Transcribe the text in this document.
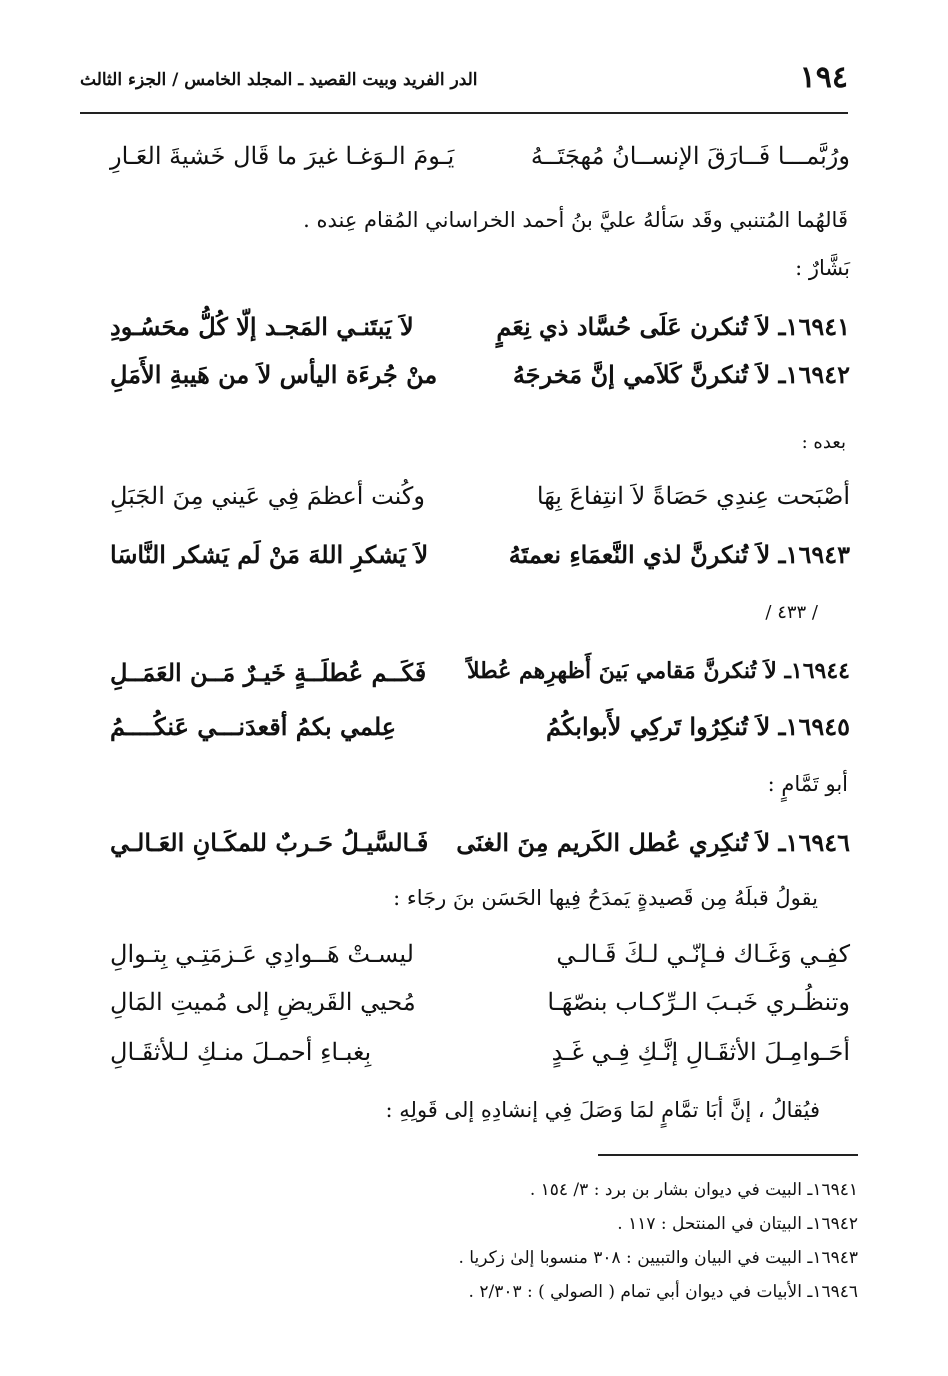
١٩٤
الدر الفريد وبيت القصيد ـ المجلد الخامس / الجزء الثالث
ورُبَّمـــا فَــارَقَ الإنســانُ مُهجَتَــهُ
يَـومَ الـوَغـا غيرَ ما قَال خَشيةَ العَـارِ
قَالهُما المُتنبي وقَد سَألهُ عليَّ بنُ أحمد الخراساني المُقام عِنده .
بَشَّارٌ :
١٦٩٤١ـ لاَ تُنكرن عَلَى حُسَّاد ذي نِعَمٍ
لاَ يَبتَنـي المَجـد إلّا كُلُّ محَسُـودِ
١٦٩٤٢ـ لاَ تُنكرنَّ كَلاَمي إنَّ مَخرجَهُ
منْ جُرءَة اليأس لاَ من هَيبةِ الأَمَلِ
بعده :
أصْبَحت عِندِي حَصَاةً لاَ انتِفاعَ بِهَا
وكُنت أعظمَ فِي عَيني مِنَ الجَبَلِ
١٦٩٤٣ـ لاَ تُنكرنَّ لذي النَّعمَاءِ نعمتَهُ
لاَ يَشكرِ اللهَ مَنْ لَم يَشكر النَّاسَا
/ ٤٣٣ /
١٦٩٤٤ـ لاَ تُنكرنَّ مَقامي بَينَ أَظهرِهم عُطلاً
فَكَــم عُطلَــةٍ خَيـرٌ مَــن العَمَــلِ
١٦٩٤٥ـ لاَ تُنكِرُوا تَركِي لأَبوابكُمُ
عِلمي بكمُ أقعدَنـــي عَنكُــــمُ
أبو تَمَّامٍ :
١٦٩٤٦ـ لاَ تُنكِري عُطل الكَريم مِنَ الغنَى
فَـالسَّيـلُ حَـربٌ للمكَـانِ العَـالـي
يقولُ قبلَهُ مِن قَصيدةٍ يَمدَحُ فِيها الحَسَن بنَ رجَاء :
كفِـي وَغَـاك فـإنّـي لـكَ قَـالـي
ليسـتْ هَــوادِي عَـزمَتِـي بِتـوالِ
وتنظُـري خَبـبَ الـرِّكـاب بنصّهَـا
مُحيي القَريضِ إلى مُميتِ المَالِ
أحَـوامِـلَ الأثقَـالِ إنَّـكِ فِـي غَـدٍ
بِغبـاءِ أحمـلَ منـكِ لـلأثقَـالِ
فيُقالُ ، إنَّ أبَا تمَّامٍ لمَا وَصَلَ فِي إنشادِهِ إلى قَولِهِ :
١٦٩٤١ـ البيت في ديوان بشار بن برد : ٣/ ١٥٤ .
١٦٩٤٢ـ البيتان في المنتحل : ١١٧ .
١٦٩٤٣ـ البيت في البيان والتبيين : ٣٠٨ منسوبا إلىٰ زكريا .
١٦٩٤٦ـ الأبيات في ديوان أبي تمام ( الصولي ) : ٢/٣٠٣ .
